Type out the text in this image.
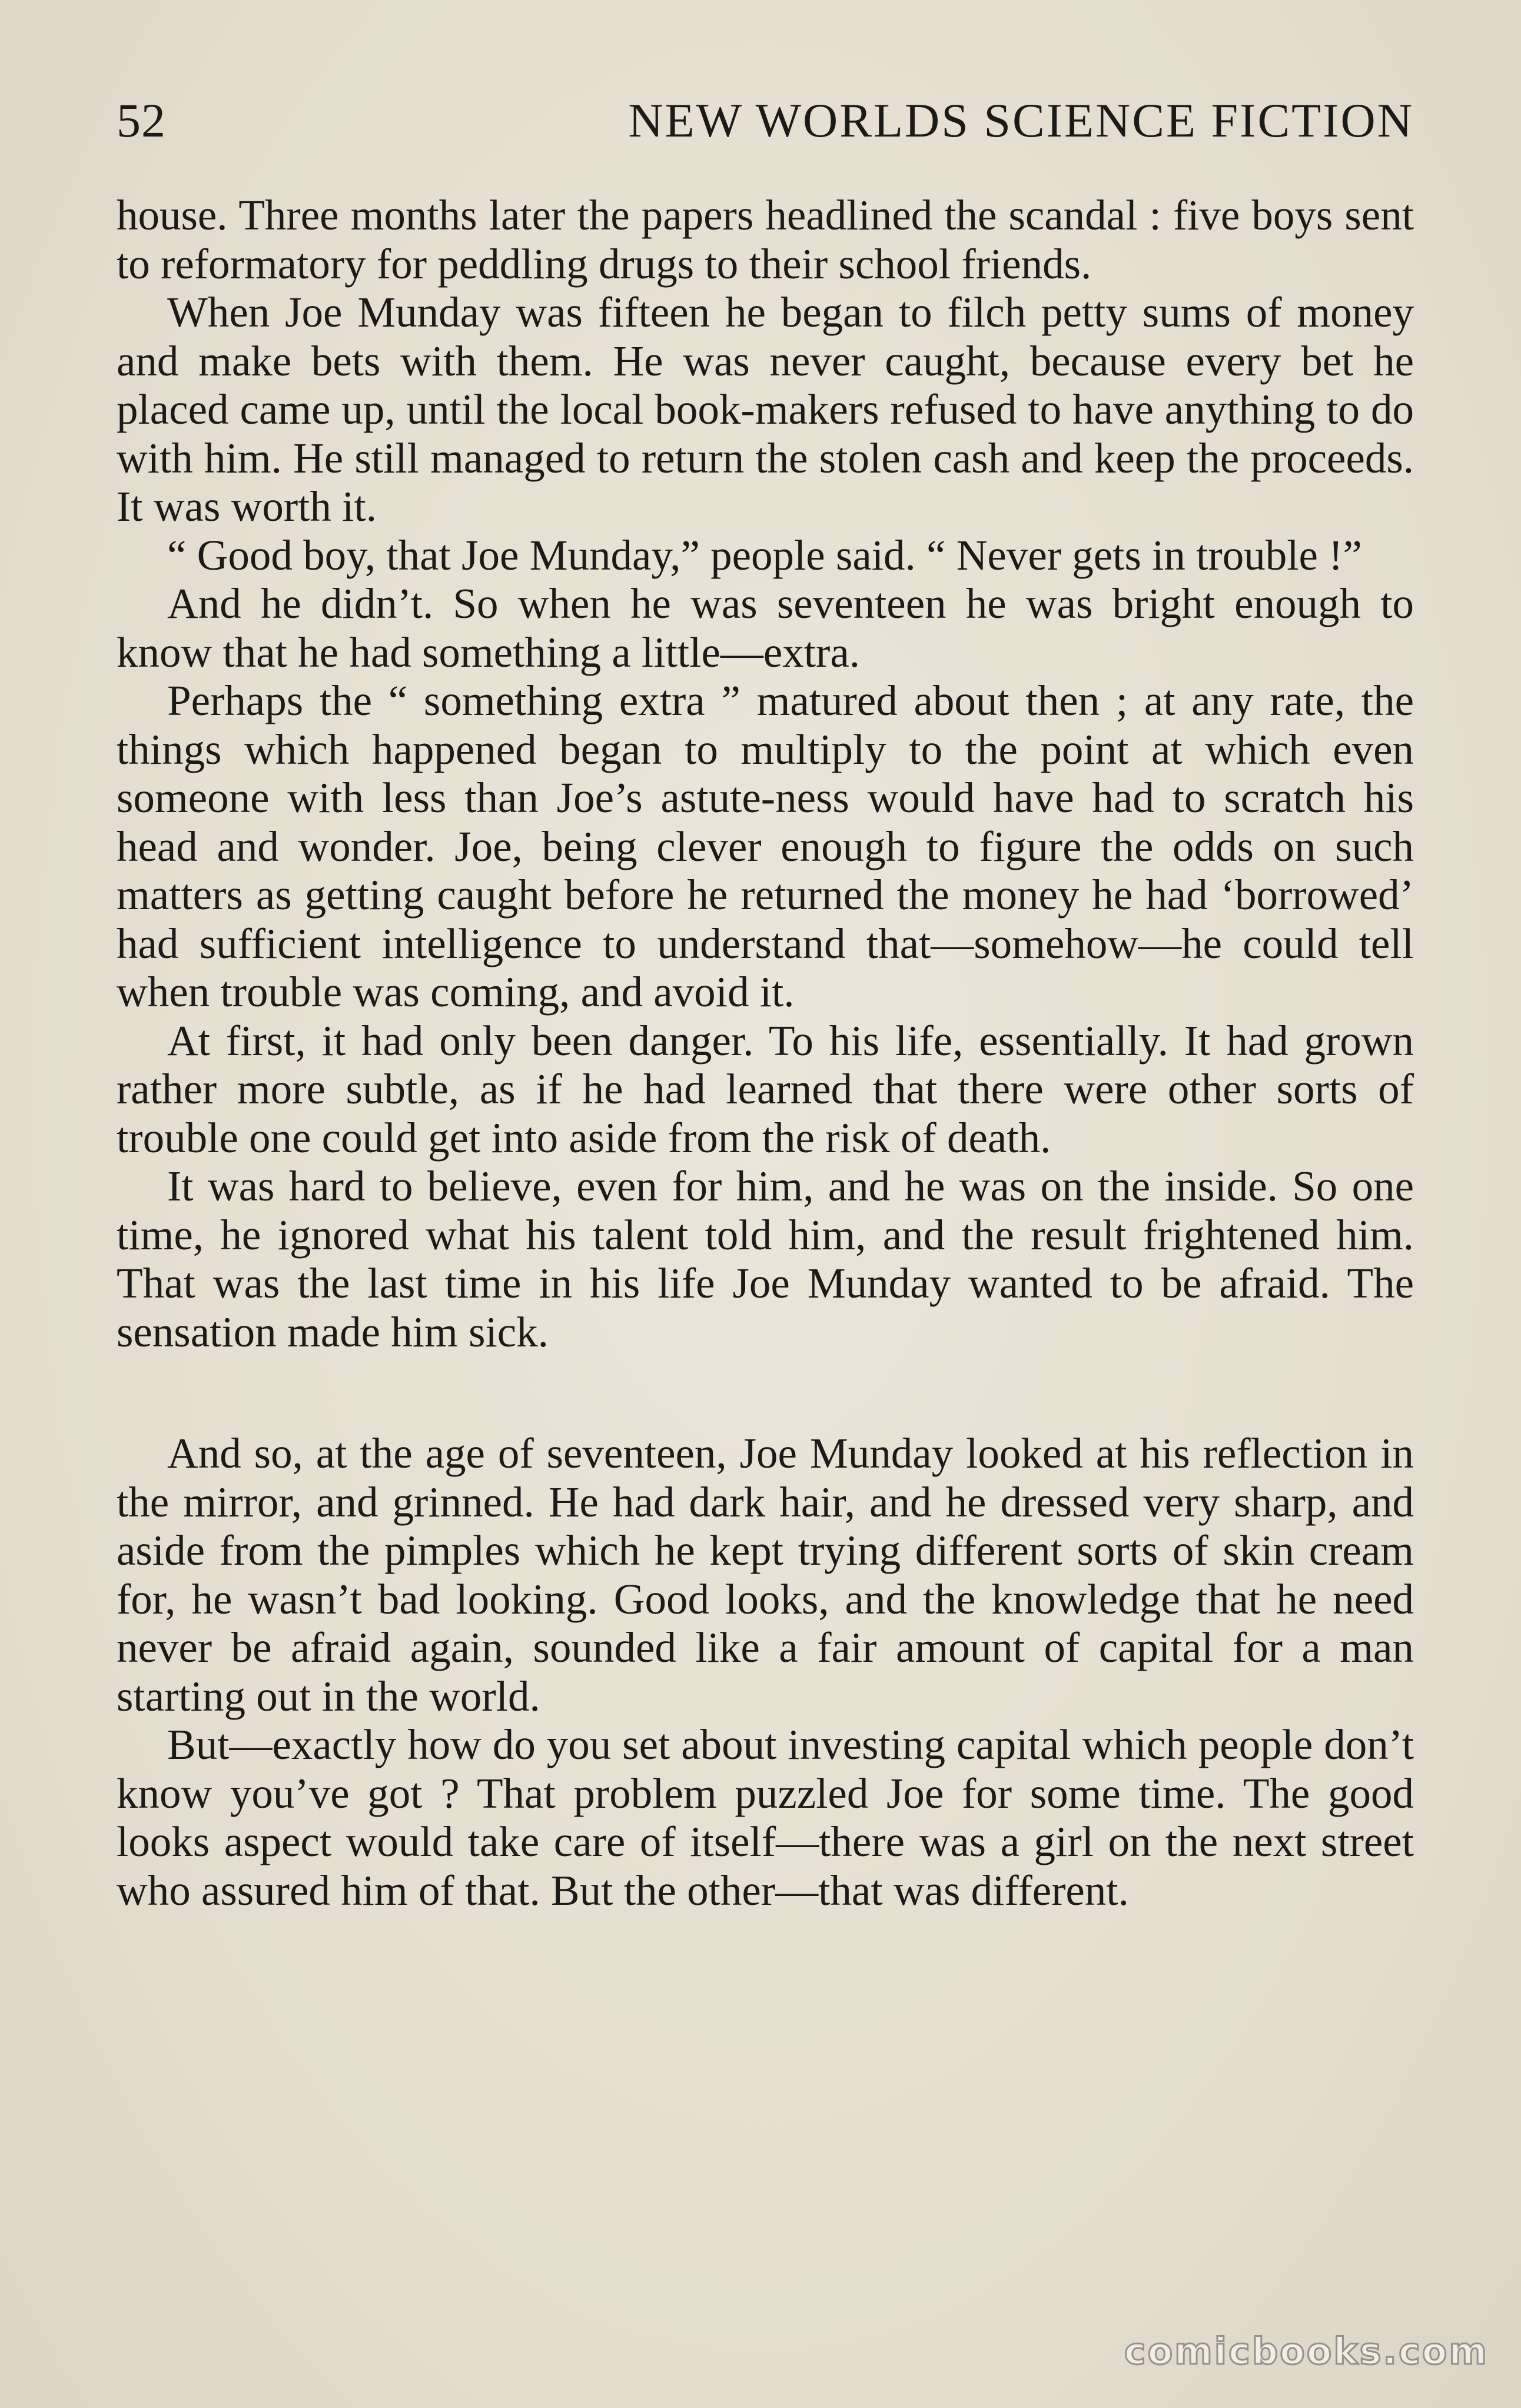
52	NEW WORLDS SCIENCE FICTION

house. Three months later the papers headlined the scandal : five boys sent to reformatory for peddling drugs to their school friends.

When Joe Munday was fifteen he began to filch petty sums of money and make bets with them. He was never caught, because every bet he placed came up, until the local book-makers refused to have anything to do with him. He still managed to return the stolen cash and keep the proceeds. It was worth it.

“ Good boy, that Joe Munday,” people said. “ Never gets in trouble !”

And he didn’t. So when he was seventeen he was bright enough to know that he had something a little—extra.

Perhaps the “ something extra ” matured about then ; at any rate, the things which happened began to multiply to the point at which even someone with less than Joe’s astute-ness would have had to scratch his head and wonder. Joe, being clever enough to figure the odds on such matters as getting caught before he returned the money he had ‘borrowed’ had sufficient intelligence to understand that—somehow—he could tell when trouble was coming, and avoid it.

At first, it had only been danger. To his life, essentially. It had grown rather more subtle, as if he had learned that there were other sorts of trouble one could get into aside from the risk of death.

It was hard to believe, even for him, and he was on the inside. So one time, he ignored what his talent told him, and the result frightened him. That was the last time in his life Joe Munday wanted to be afraid. The sensation made him sick.

And so, at the age of seventeen, Joe Munday looked at his reflection in the mirror, and grinned. He had dark hair, and he dressed very sharp, and aside from the pimples which he kept trying different sorts of skin cream for, he wasn’t bad looking. Good looks, and the knowledge that he need never be afraid again, sounded like a fair amount of capital for a man starting out in the world.

But—exactly how do you set about investing capital which people don’t know you’ve got ? That problem puzzled Joe for some time. The good looks aspect would take care of itself—there was a girl on the next street who assured him of that. But the other—that was different.

comicbooks.com
